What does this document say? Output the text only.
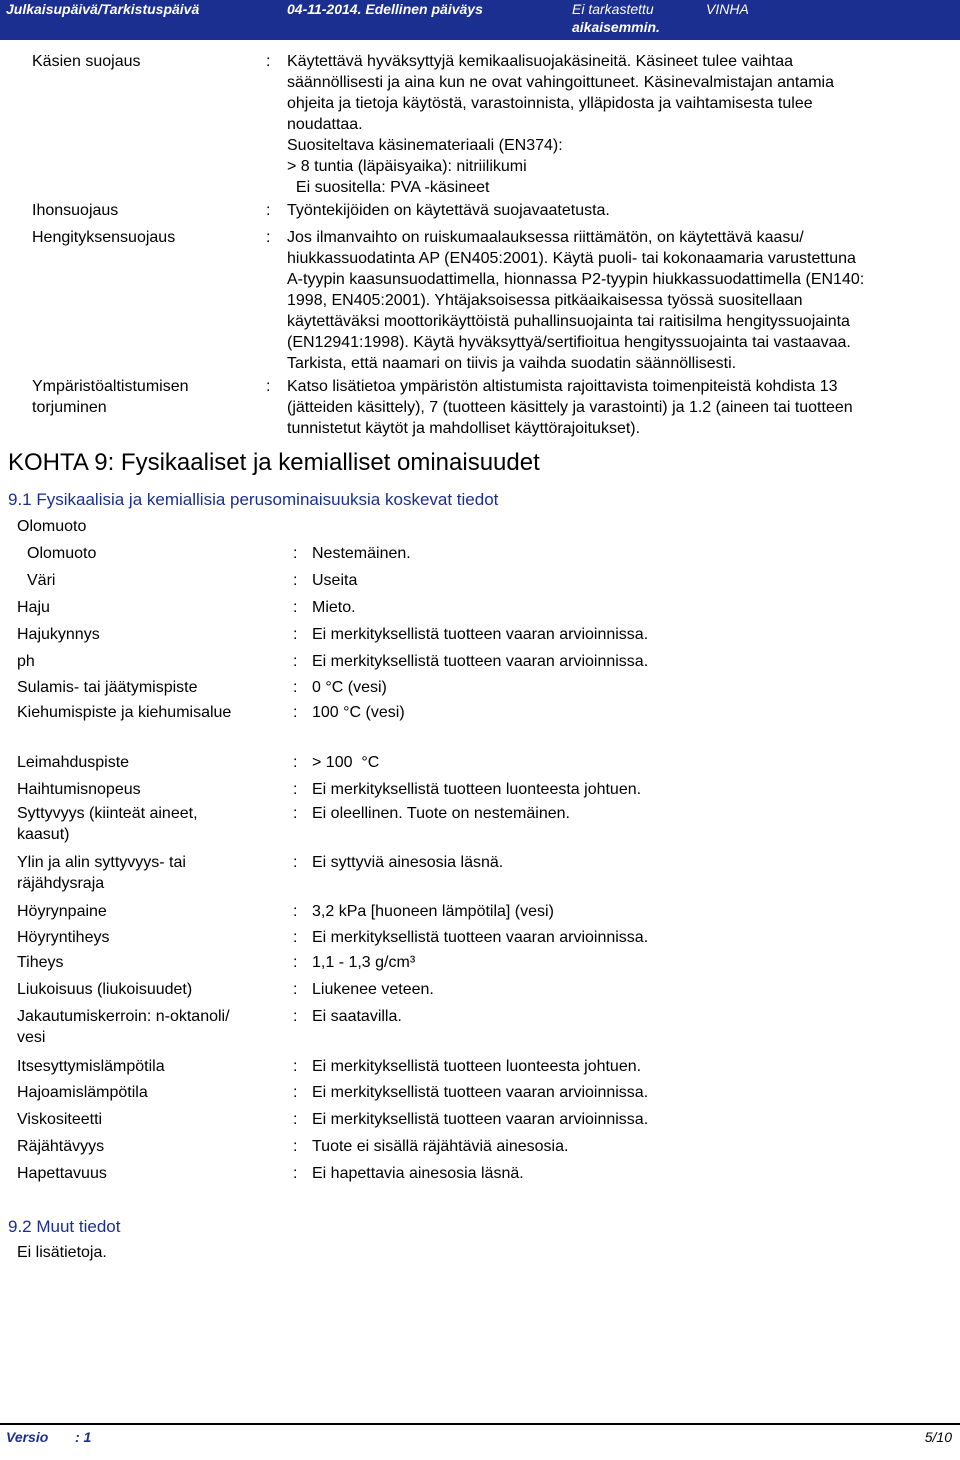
Julkaisupäivä/Tarkistuspäivä	04-11-2014. Edellinen päiväys	Ei tarkastettu
aikaisemmin.
VINHA
Käsien suojaus	: Käytettävä hyväksyttyjä kemikaalisuojakäsineitä. Käsineet tulee vaihtaa
säännöllisesti ja aina kun ne ovat vahingoittuneet. Käsinevalmistajan antamia
ohjeita ja tietoja käytöstä, varastoinnista, ylläpidosta ja vaihtamisesta tulee
noudattaa.
Suositeltava käsinemateriaali (EN374):
> 8 tuntia (läpäisyaika): nitriilikumi
Ei suositella: PVA -käsineet
Ihonsuojaus	: Työntekijöiden on käytettävä suojavaatetusta.
Hengityksensuojaus	: Jos ilmanvaihto on ruiskumaalauksessa riittämätön, on käytettävä kaasu/
hiukkassuodatinta AP (EN405:2001). Käytä puoli- tai kokonaamaria varustettuna
A-tyypin kaasunsuodattimella, hionnassa P2-tyypin hiukkassuodattimella (EN140:
1998, EN405:2001). Yhtäjaksoisessa pitkäaikaisessa työssä suositellaan
käytettäväksi moottorikäyttöistä puhallinsuojainta tai raitisilma hengityssuojainta
(EN12941:1998). Käytä hyväksyttyä/sertifioitua hengityssuojainta tai vastaavaa.
Tarkista, että naamari on tiivis ja vaihda suodatin säännöllisesti.
Ympäristöaltistumisen
torjuminen
: Katso lisätietoa ympäristön altistumista rajoittavista toimenpiteistä kohdista 13
(jätteiden käsittely), 7 (tuotteen käsittely ja varastointi) ja 1.2 (aineen tai tuotteen
tunnistetut käytöt ja mahdolliset käyttörajoitukset).
KOHTA 9: Fysikaaliset ja kemialliset ominaisuudet
9.1 Fysikaalisia ja kemiallisia perusominaisuuksia koskevat tiedot
Olomuoto
Olomuoto	: Nestemäinen.
Väri	: Useita
Haju	: Mieto.
Hajukynnys	: Ei merkityksellistä tuotteen vaaran arvioinnissa.
ph	: Ei merkityksellistä tuotteen vaaran arvioinnissa.
Sulamis- tai jäätymispiste	: 0 °C (vesi)
Kiehumispiste ja kiehumisalue	: 100 °C (vesi)
Leimahduspiste	: > 100  °C
Haihtumisnopeus	: Ei merkityksellistä tuotteen luonteesta johtuen.
Syttyvyys (kiinteät aineet,
kaasut)
: Ei oleellinen. Tuote on nestemäinen.
Ylin ja alin syttyvyys- tai
räjähdysraja
: Ei syttyviä ainesosia läsnä.
Höyrynpaine	: 3,2 kPa [huoneen lämpötila] (vesi)
Höyryntiheys	: Ei merkityksellistä tuotteen vaaran arvioinnissa.
Tiheys	: 1,1 - 1,3 g/cm³
Liukoisuus (liukoisuudet)	: Liukenee veteen.
Jakautumiskerroin: n-oktanoli/
vesi
: Ei saatavilla.
Itsesyttymislämpötila	: Ei merkityksellistä tuotteen luonteesta johtuen.
Hajoamislämpötila	: Ei merkityksellistä tuotteen vaaran arvioinnissa.
Viskositeetti	: Ei merkityksellistä tuotteen vaaran arvioinnissa.
Räjähtävyys	: Tuote ei sisällä räjähtäviä ainesosia.
Hapettavuus	: Ei hapettavia ainesosia läsnä.
9.2 Muut tiedot
Ei lisätietoja.
Versio : 1	5/10
